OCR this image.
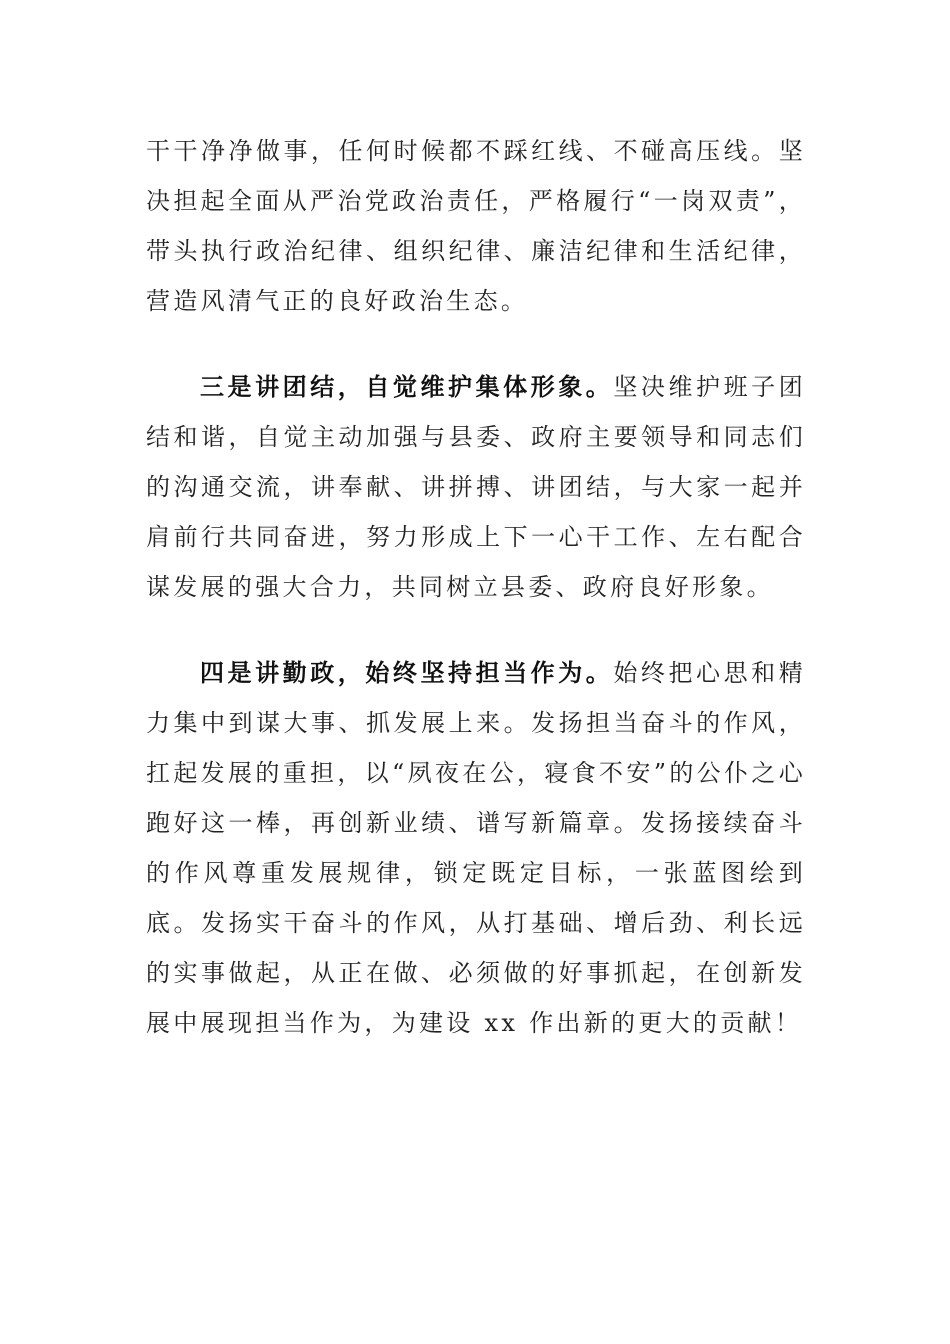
干干净净做事，任何时候都不踩红线、不碰高压线。坚决担起全面从严治党政治责任，严格履行“一岗双责”，带头执行政治纪律、组织纪律、廉洁纪律和生活纪律，营造风清气正的良好政治生态。

三是讲团结，自觉维护集体形象。坚决维护班子团结和谐，自觉主动加强与县委、政府主要领导和同志们的沟通交流，讲奉献、讲拼搏、讲团结，与大家一起并肩前行共同奋进，努力形成上下一心干工作、左右配合谋发展的强大合力，共同树立县委、政府良好形象。

四是讲勤政，始终坚持担当作为。始终把心思和精力集中到谋大事、抓发展上来。发扬担当奋斗的作风，扛起发展的重担，以“夙夜在公，寝食不安”的公仆之心跑好这一棒，再创新业绩、谱写新篇章。发扬接续奋斗的作风尊重发展规律，锁定既定目标，一张蓝图绘到底。发扬实干奋斗的作风，从打基础、增后劲、利长远的实事做起，从正在做、必须做的好事抓起，在创新发展中展现担当作为，为建设 xx 作出新的更大的贡献！
